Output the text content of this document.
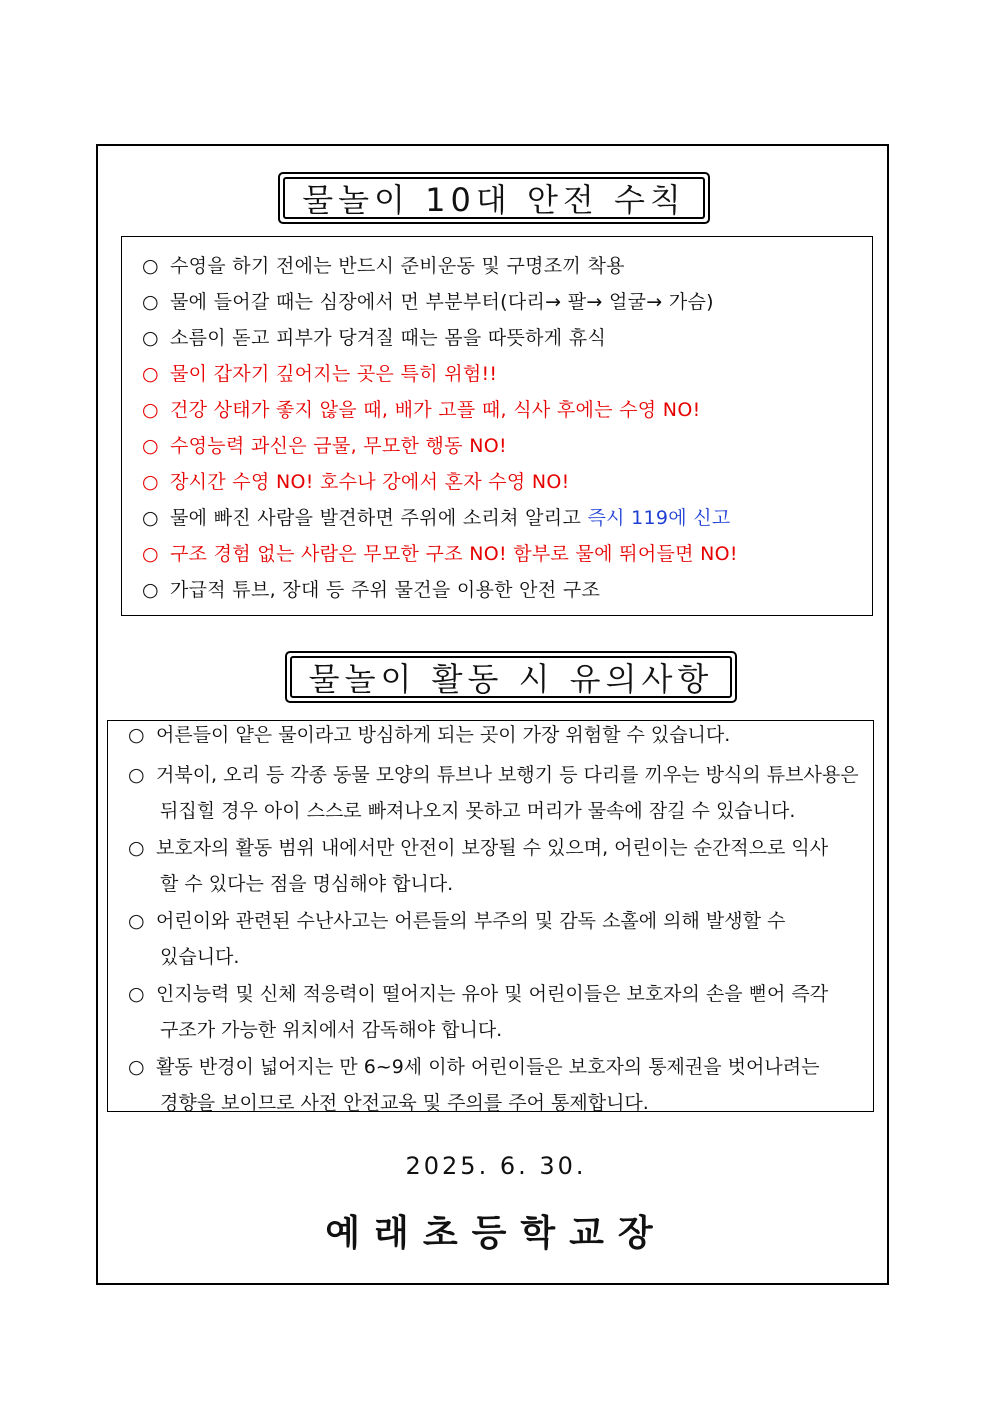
물놀이 10대 안전 수칙
○ 수영을 하기 전에는 반드시 준비운동 및 구명조끼 착용
○ 물에 들어갈 때는 심장에서 먼 부분부터(다리→ 팔→ 얼굴→ 가슴)
○ 소름이 돋고 피부가 당겨질 때는 몸을 따뜻하게 휴식
○ 물이 갑자기 깊어지는 곳은 특히 위험!!
○ 건강 상태가 좋지 않을 때, 배가 고플 때, 식사 후에는 수영 NO!
○ 수영능력 과신은 금물, 무모한 행동 NO!
○ 장시간 수영 NO! 호수나 강에서 혼자 수영 NO!
○ 물에 빠진 사람을 발견하면 주위에 소리쳐 알리고 즉시 119에 신고
○ 구조 경험 없는 사람은 무모한 구조 NO! 함부로 물에 뛰어들면 NO!
○ 가급적 튜브, 장대 등 주위 물건을 이용한 안전 구조
물놀이 활동 시 유의사항
○ 어른들이 얕은 물이라고 방심하게 되는 곳이 가장 위험할 수 있습니다.
○ 거북이, 오리 등 각종 동물 모양의 튜브나 보행기 등 다리를 끼우는 방식의 튜브사용은
뒤집힐 경우 아이 스스로 빠져나오지 못하고 머리가 물속에 잠길 수 있습니다.
○ 보호자의 활동 범위 내에서만 안전이 보장될 수 있으며, 어린이는 순간적으로 익사
할 수 있다는 점을 명심해야 합니다.
○ 어린이와 관련된 수난사고는 어른들의 부주의 및 감독 소홀에 의해 발생할 수
있습니다.
○ 인지능력 및 신체 적응력이 떨어지는 유아 및 어린이들은 보호자의 손을 뻗어 즉각
구조가 가능한 위치에서 감독해야 합니다.
○ 활동 반경이 넓어지는 만 6~9세 이하 어린이들은 보호자의 통제권을 벗어나려는
경향을 보이므로 사전 안전교육 및 주의를 주어 통제합니다.
2025. 6. 30.
예래초등학교장
